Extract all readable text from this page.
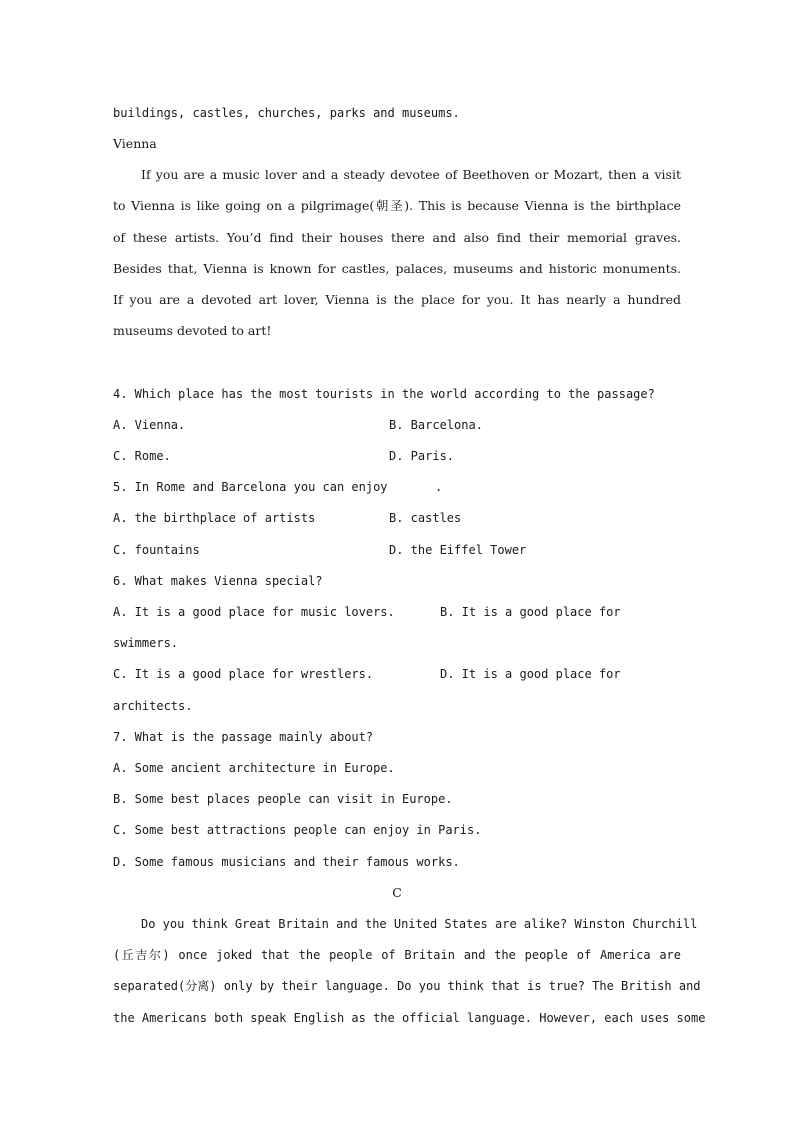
buildings, castles, churches, parks and museums.
Vienna
If you are a music lover and a steady devotee of Beethoven or Mozart, then a visit
to Vienna is like going on a pilgrimage(朝圣). This is because Vienna is the birthplace
of these artists. You’d find their houses there and also find their memorial graves.
Besides that, Vienna is known for castles, palaces, museums and historic monuments.
If you are a devoted art lover, Vienna is the place for you. It has nearly a hundred
museums devoted to art!
4. Which place has the most tourists in the world according to the passage?
A. Vienna.	B. Barcelona.
C. Rome.	D. Paris.
5. In Rome and Barcelona you can enjoy	.
A. the birthplace of artists	B. castles
C. fountains	D. the Eiffel Tower
6. What makes Vienna special?
A. It is a good place for music lovers.	B. It is a good place for
swimmers.
C. It is a good place for wrestlers.	D. It is a good place for
architects.
7. What is the passage mainly about?
A. Some ancient architecture in Europe.
B. Some best places people can visit in Europe.
C. Some best attractions people can enjoy in Paris.
D. Some famous musicians and their famous works.
C
Do you think Great Britain and the United States are alike? Winston Churchill
(丘吉尔) once joked that the people of Britain and the people of America are
separated(分离) only by their language. Do you think that is true? The British and
the Americans both speak English as the official language. However, each uses some
